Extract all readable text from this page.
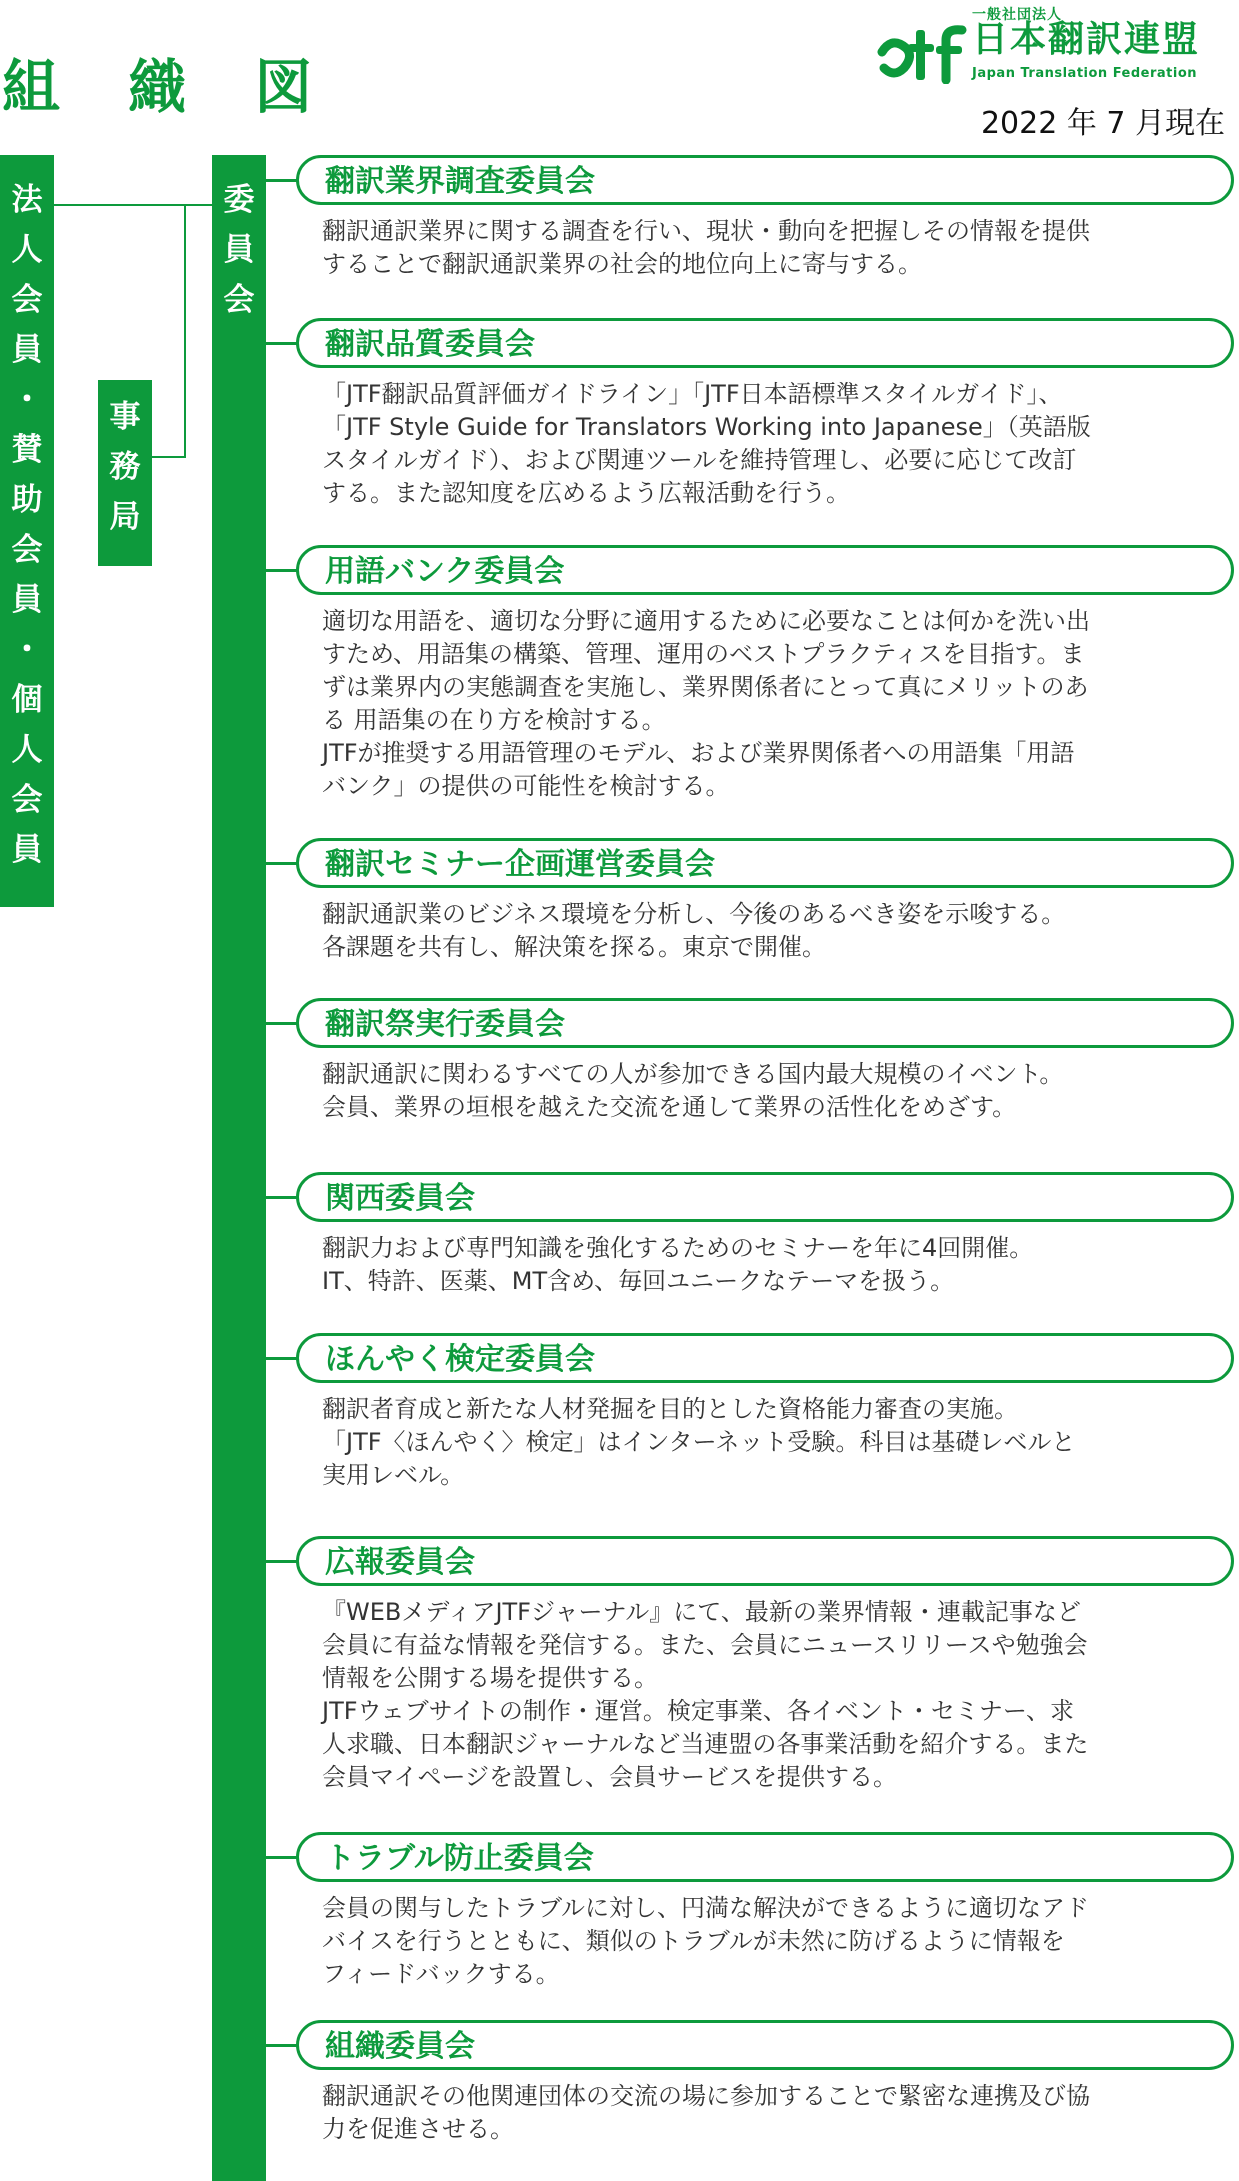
組 織 図
一般社団法人
日本翻訳連盟
Japan Translation Federation
2022 年 7 月現在
法
人
会
員
・
賛
助
会
員
・
個
人
会
員
事
務
局
委
員
会
翻訳業界調査委員会

翻訳通訳業界に関する調査を行い、現状・動向を把握しその情報を提供
することで翻訳通訳業界の社会的地位向上に寄与する。

翻訳品質委員会

「JTF翻訳品質評価ガイドライン」「JTF日本語標準スタイルガイド」、
「JTF Style Guide for Translators Working into Japanese」（英語版
スタイルガイド）、および関連ツールを維持管理し、必要に応じて改訂
する。また認知度を広めるよう広報活動を行う。

用語バンク委員会

適切な用語を、適切な分野に適用するために必要なことは何かを洗い出
すため、用語集の構築、管理、運用のベストプラクティスを目指す。ま
ずは業界内の実態調査を実施し、業界関係者にとって真にメリットのあ
る 用語集の在り方を検討する。
JTFが推奨する用語管理のモデル、および業界関係者への用語集「用語
バンク」の提供の可能性を検討する。

翻訳セミナー企画運営委員会

翻訳通訳業のビジネス環境を分析し、今後のあるべき姿を示唆する。
各課題を共有し、解決策を探る。東京で開催。

翻訳祭実行委員会

翻訳通訳に関わるすべての人が参加できる国内最大規模のイベント。
会員、業界の垣根を越えた交流を通して業界の活性化をめざす。

関西委員会

翻訳力および専門知識を強化するためのセミナーを年に4回開催。
IT、特許、医薬、MT含め、毎回ユニークなテーマを扱う。

ほんやく検定委員会

翻訳者育成と新たな人材発掘を目的とした資格能力審査の実施。
「JTF〈ほんやく〉検定」はインターネット受験。科目は基礎レベルと
実用レベル。

広報委員会

『WEBメディアJTFジャーナル』にて、最新の業界情報・連載記事など
会員に有益な情報を発信する。また、会員にニュースリリースや勉強会
情報を公開する場を提供する。
JTFウェブサイトの制作・運営。検定事業、各イベント・セミナー、求
人求職、日本翻訳ジャーナルなど当連盟の各事業活動を紹介する。また
会員マイページを設置し、会員サービスを提供する。

トラブル防止委員会

会員の関与したトラブルに対し、円満な解決ができるように適切なアド
バイスを行うとともに、類似のトラブルが未然に防げるように情報を
フィードバックする。

組織委員会

翻訳通訳その他関連団体の交流の場に参加することで緊密な連携及び協
力を促進させる。
